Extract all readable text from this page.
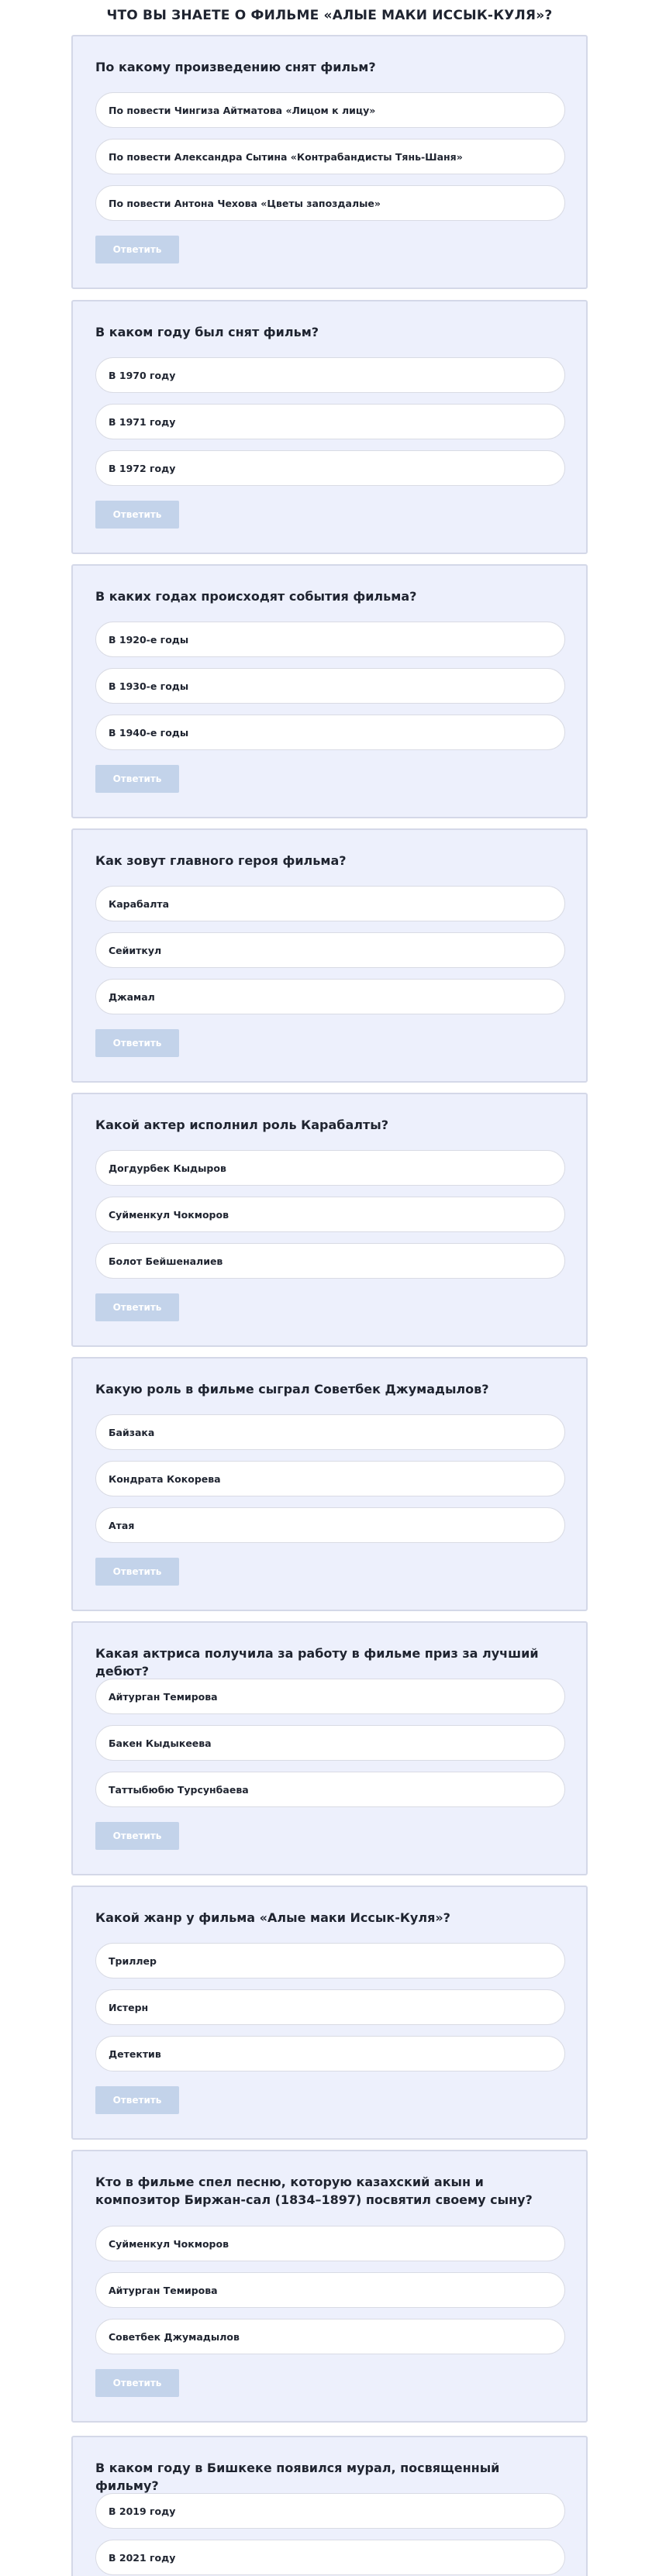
ЧТО ВЫ ЗНАЕТЕ О ФИЛЬМЕ «АЛЫЕ МАКИ ИССЫК-КУЛЯ»?
По какому произведению снят фильм?
По повести Чингиза Айтматова «Лицом к лицу»
По повести Александра Сытина «Контрабандисты Тянь-Шаня»
По повести Антона Чехова «Цветы запоздалые»
Ответить
В каком году был снят фильм?
В 1970 году
В 1971 году
В 1972 году
Ответить
В каких годах происходят события фильма?
В 1920-е годы
В 1930-е годы
В 1940-е годы
Ответить
Как зовут главного героя фильма?
Карабалта
Сейиткул
Джамал
Ответить
Какой актер исполнил роль Карабалты?
Догдурбек Кыдыров
Суйменкул Чокморов
Болот Бейшеналиев
Ответить
Какую роль в фильме сыграл Советбек Джумадылов?
Байзака
Кондрата Кокорева
Атая
Ответить
Какая актриса получила за работу в фильме приз за лучший дебют?
Айтурган Темирова
Бакен Кыдыкеева
Таттыбюбю Турсунбаева
Ответить
Какой жанр у фильма «Алые маки Иссык-Куля»?
Триллер
Истерн
Детектив
Ответить
Кто в фильме спел песню, которую казахский акын и композитор Биржан-сал (1834–1897) посвятил своему сыну?
Суйменкул Чокморов
Айтурган Темирова
Советбек Джумадылов
Ответить
В каком году в Бишкеке появился мурал, посвященный фильму?
В 2019 году
В 2021 году
